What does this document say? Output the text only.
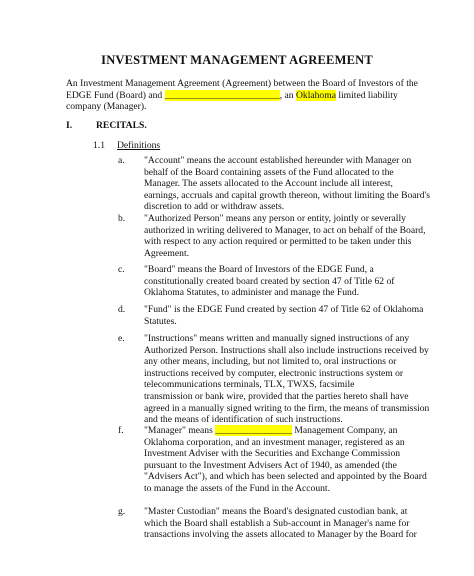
INVESTMENT MANAGEMENT AGREEMENT
An Investment Management Agreement (Agreement) between the Board of Investors of the
EDGE Fund (Board) and ________________________, an Oklahoma limited liability
company (Manager).
I. RECITALS.
1.1 Definitions
a. "Account" means the account established hereunder with Manager on
behalf of the Board containing assets of the Fund allocated to the
Manager. The assets allocated to the Account include all interest,
earnings, accruals and capital growth thereon, without limiting the Board's
discretion to add or withdraw assets.
b. "Authorized Person" means any person or entity, jointly or severally
authorized in writing delivered to Manager, to act on behalf of the Board,
with respect to any action required or permitted to be taken under this
Agreement.
c. "Board" means the Board of Investors of the EDGE Fund, a
constitutionally created board created by section 47 of Title 62 of
Oklahoma Statutes, to administer and manage the Fund.
d. "Fund" is the EDGE Fund created by section 47 of Title 62 of Oklahoma
Statutes.
e. "Instructions" means written and manually signed instructions of any
Authorized Person. Instructions shall also include instructions received by
any other means, including, but not limited to, oral instructions or
instructions received by computer, electronic instructions system or
telecommunications terminals, TLX, TWXS, facsimile
transmission or bank wire, provided that the parties hereto shall have
agreed in a manually signed writing to the firm, the means of transmission
and the means of identification of such instructions.
f. "Manager" means ________________ Management Company, an
Oklahoma corporation, and an investment manager, registered as an
Investment Adviser with the Securities and Exchange Commission
pursuant to the Investment Advisers Act of 1940, as amended (the
"Advisers Act"), and which has been selected and appointed by the Board
to manage the assets of the Fund in the Account.
g. "Master Custodian" means the Board's designated custodian bank, at
which the Board shall establish a Sub-account in Manager's name for
transactions involving the assets allocated to Manager by the Board for
